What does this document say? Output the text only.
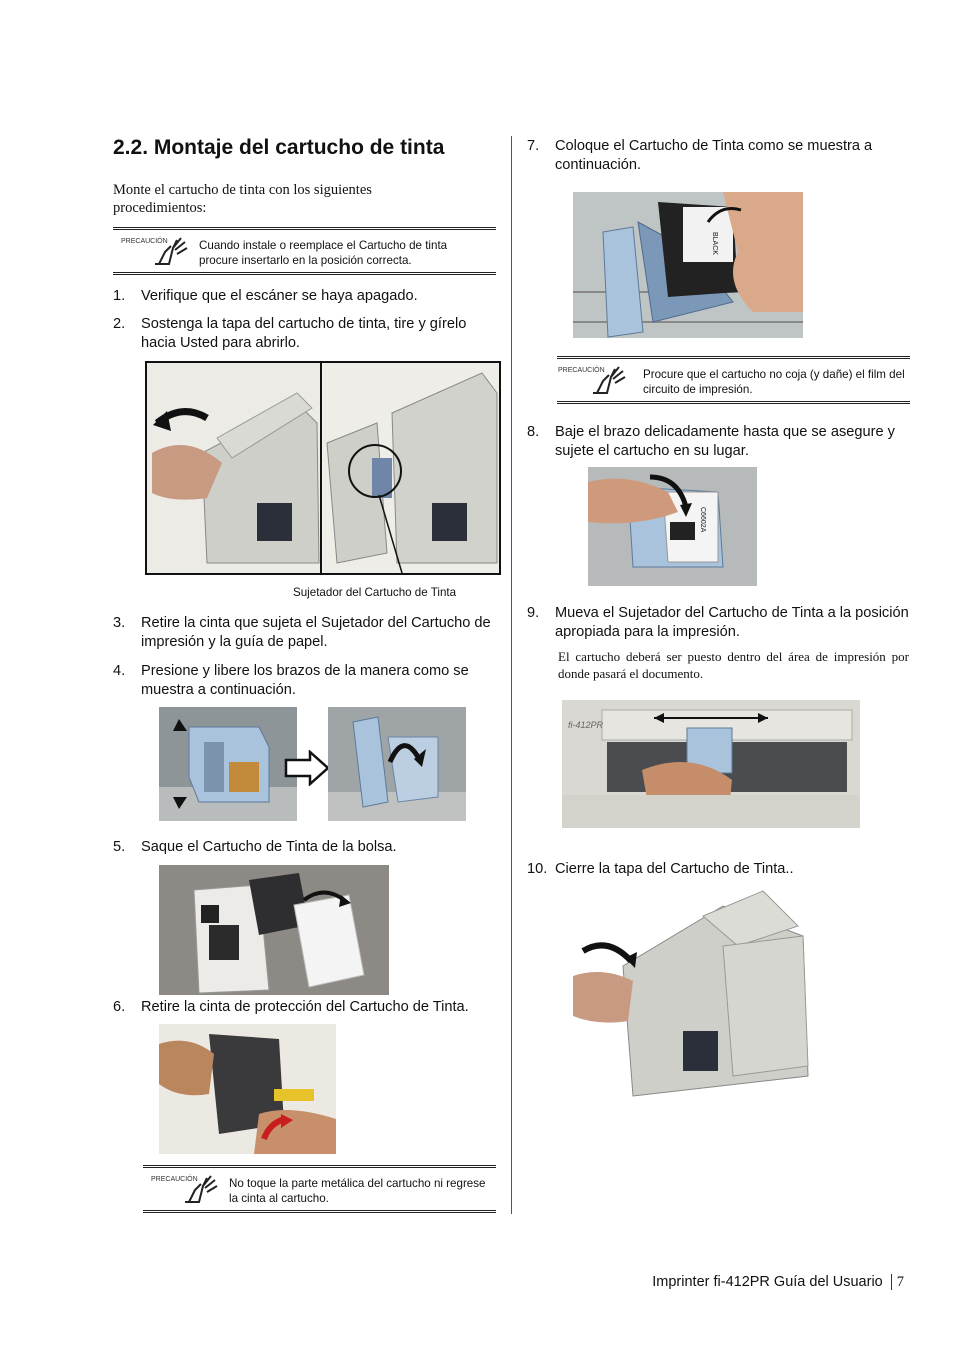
2.2. Montaje del cartucho de tinta
Monte el cartucho de tinta con los siguientes procedimientos:
PRECAUCIÓN	Cuando instale o reemplace el Cartucho de tinta procure insertarlo en la posición correcta.
1. Verifique que el escáner se haya apagado.
2. Sostenga la tapa del cartucho de tinta, tire y gírelo hacia Usted para abrirlo.
Sujetador del Cartucho de Tinta
3. Retire la cinta que sujeta el Sujetador del Cartucho de impresión y la guía de papel.
4. Presione y libere los brazos de la manera como se muestra a continuación.
5. Saque el Cartucho de Tinta de la bolsa.
6. Retire la cinta de protección del Cartucho de Tinta.
PRECAUCIÓN	No toque la parte metálica del cartucho ni regrese la cinta al cartucho.
7. Coloque el Cartucho de Tinta como se muestra a continuación.
BLACK
PRECAUCIÓN	Procure que el cartucho no coja (y dañe) el film del circuito de impresión.
8. Baje el brazo delicadamente hasta que se asegure y sujete el cartucho en su lugar.
C6602A
9. Mueva el Sujetador del Cartucho de Tinta a la posición apropiada para la impresión.
El cartucho deberá ser puesto dentro del área de impresión por donde pasará el documento.
fi-412PR
10. Cierre la tapa del Cartucho de Tinta..
Imprinter fi-412PR Guía del Usuario 7
